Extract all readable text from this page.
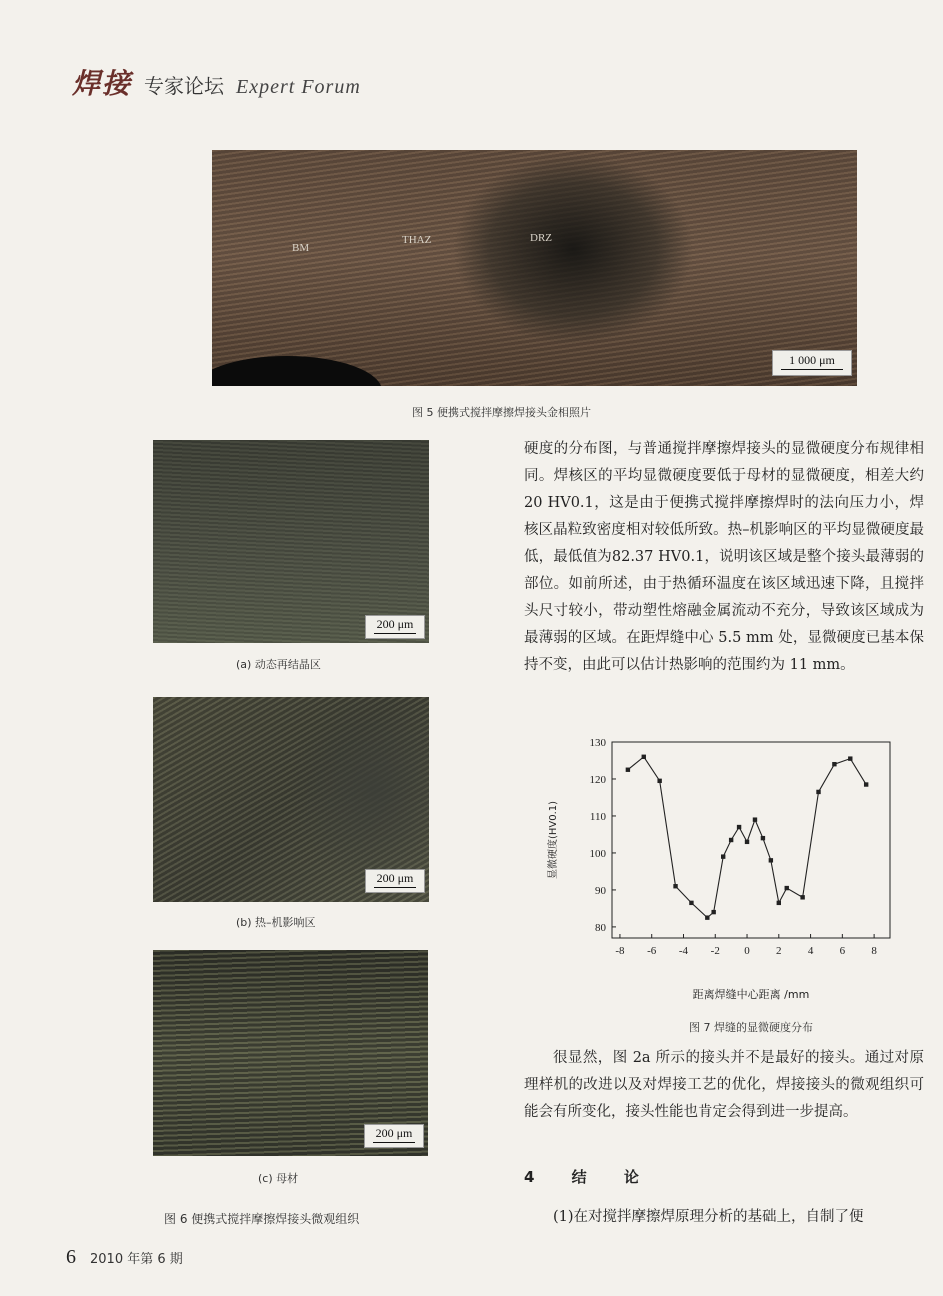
焊接 专家论坛 Expert Forum
BM
THAZ	DRZ
1 000 μm
图 5 便携式搅拌摩擦焊接头金相照片
200 μm
(a) 动态再结晶区
200 μm
(b) 热–机影响区
200 μm
(c) 母材
图 6 便携式搅拌摩擦焊接头微观组织

硬度的分布图，与普通搅拌摩擦焊接头的显微硬度分布规律相同。焊核区的平均显微硬度要低于母材的显微硬度，相差大约 20 HV0.1，这是由于便携式搅拌摩擦焊时的法向压力小，焊核区晶粒致密度相对较低所致。热–机影响区的平均显微硬度最低，最低值为82.37 HV0.1，说明该区域是整个接头最薄弱的部位。如前所述，由于热循环温度在该区域迅速下降，且搅拌头尺寸较小，带动塑性熔融金属流动不充分，导致该区域成为最薄弱的区域。在距焊缝中心 5.5 mm 处，显微硬度已基本保持不变，由此可以估计热影响的范围约为 11 mm。

-8 -6 -4 -2 0 2 4 6 8
80
90
100
110
120
130
距离焊缝中心距离 /mm
显微硬度(HV0.1)
图 7 焊缝的显微硬度分布

很显然，图 2a 所示的接头并不是最好的接头。通过对原理样机的改进以及对焊接工艺的优化，焊接接头的微观组织可能会有所变化，接头性能也肯定会得到进一步提高。

4 结 论

(1)在对搅拌摩擦焊原理分析的基础上，自制了便

6 2010 年第 6 期
